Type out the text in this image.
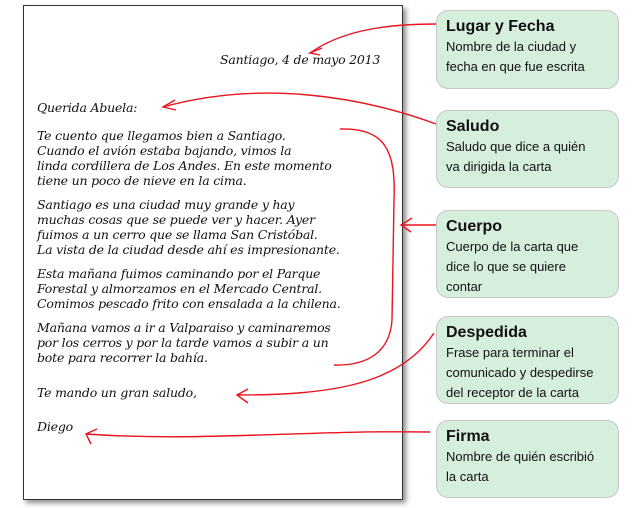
Santiago, 4 de mayo 2013
Querida Abuela:
Te cuento que llegamos bien a Santiago.
Cuando el avión estaba bajando, vimos la
linda cordillera de Los Andes. En este momento
tiene un poco de nieve en la cima.
Santiago es una ciudad muy grande y hay
muchas cosas que se puede ver y hacer. Ayer
fuimos a un cerro que se llama San Cristóbal.
La vista de la ciudad desde ahí es impresionante.
Esta mañana fuimos caminando por el Parque
Forestal y almorzamos en el Mercado Central.
Comimos pescado frito con ensalada a la chilena.
Mañana vamos a ir a Valparaiso y caminaremos
por los cerros y por la tarde vamos a subir a un
bote para recorrer la bahía.
Te mando un gran saludo,
Diego
Lugar y Fecha
Nombre de la ciudad y
fecha en que fue escrita
Saludo
Saludo que dice a quién
va dirigida la carta
Cuerpo
Cuerpo de la carta que
dice lo que se quiere
contar
Despedida
Frase para terminar el
comunicado y despedirse
del receptor de la carta
Firma
Nombre de quién escribió
la carta
